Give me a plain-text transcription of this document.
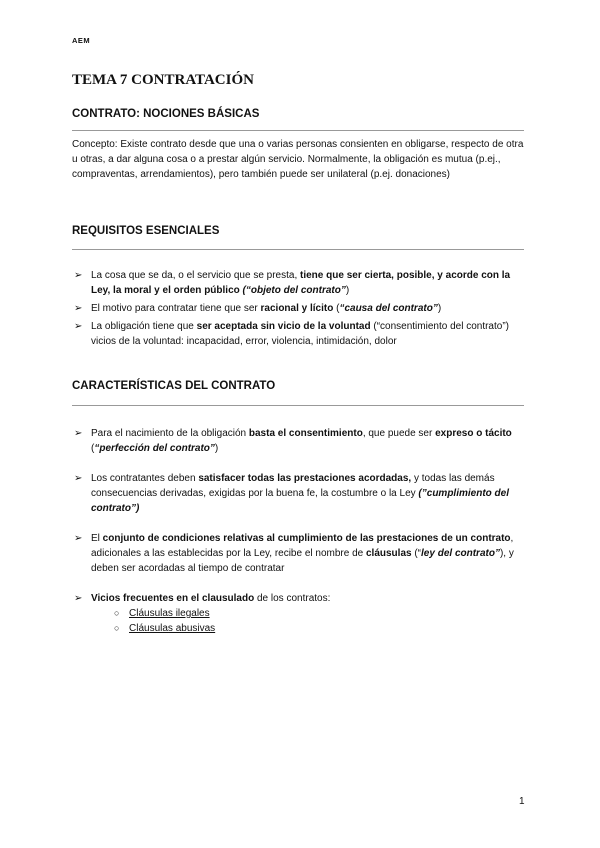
AEM
TEMA 7 CONTRATACIÓN
CONTRATO: NOCIONES BÁSICAS

Concepto: Existe contrato desde que una o varias personas consienten en obligarse, respecto de otra u otras, a dar alguna cosa o a prestar algún servicio. Normalmente, la obligación es mutua (p.ej., compraventas, arrendamientos), pero también puede ser unilateral (p.ej. donaciones)

REQUISITOS ESENCIALES
➢ La cosa que se da, o el servicio que se presta, tiene que ser cierta, posible, y acorde con la Ley, la moral y el orden público (“objeto del contrato”)
➢ El motivo para contratar tiene que ser racional y lícito (“causa del contrato”)
➢ La obligación tiene que ser aceptada sin vicio de la voluntad (“consentimiento del contrato”) vicios de la voluntad: incapacidad, error, violencia, intimidación, dolor
CARACTERÍSTICAS DEL CONTRATO
➢ Para el nacimiento de la obligación basta el consentimiento, que puede ser expreso o tácito (“perfección del contrato”)
➢ Los contratantes deben satisfacer todas las prestaciones acordadas, y todas las demás consecuencias derivadas, exigidas por la buena fe, la costumbre o la Ley (”cumplimiento del contrato”)
➢ El conjunto de condiciones relativas al cumplimiento de las prestaciones de un contrato, adicionales a las establecidas por la Ley, recibe el nombre de cláusulas (“ley del contrato”), y deben ser acordadas al tiempo de contratar
➢ Vicios frecuentes en el clausulado de los contratos:
○ Cláusulas ilegales
○ Cláusulas abusivas
1
